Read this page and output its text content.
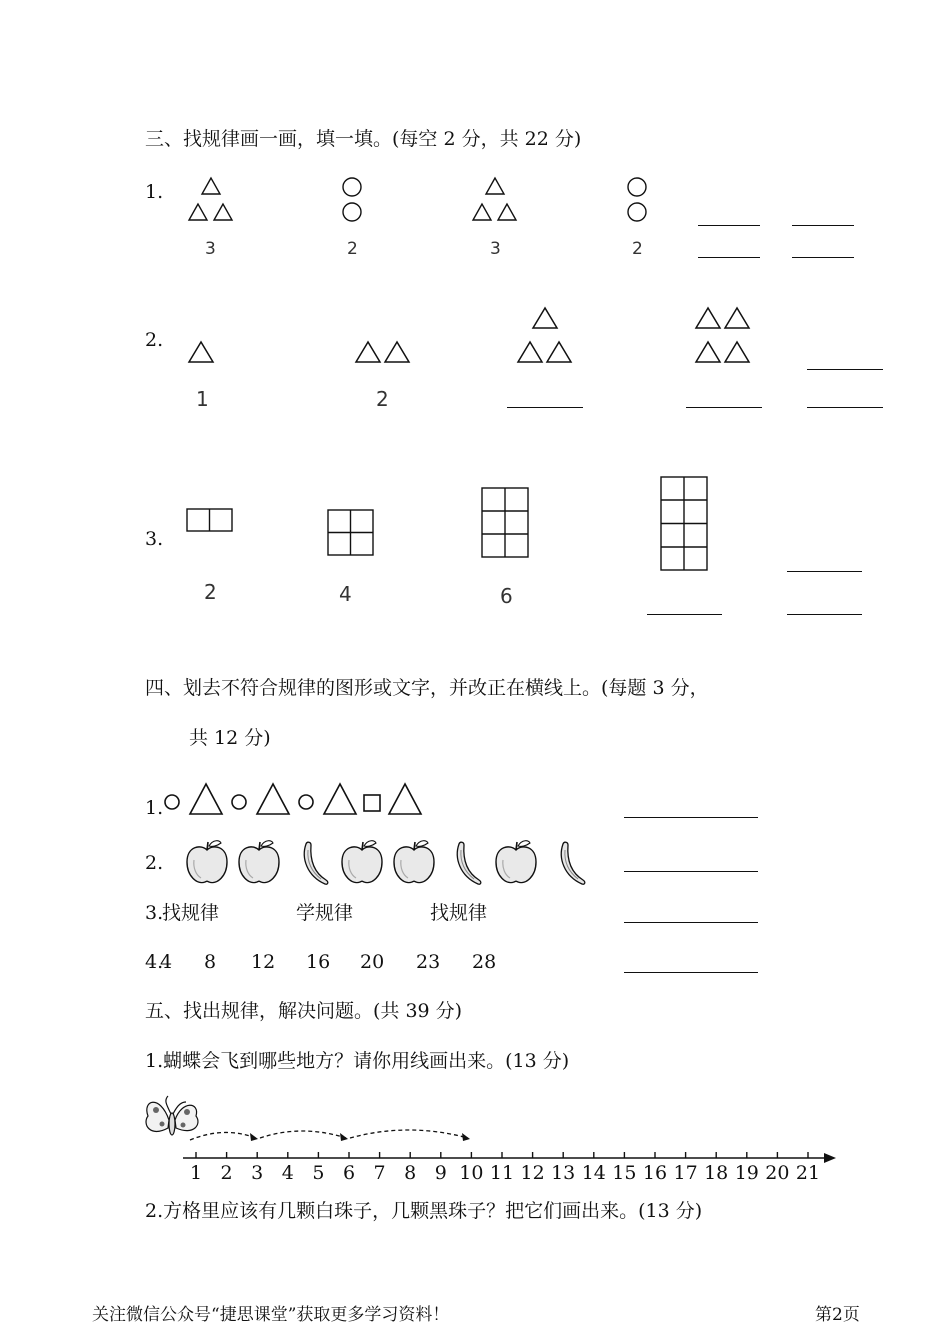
三、找规律画一画，填一填。(每空 2 分，共 22 分)
1.
3	2	3	2
2.
1	2
3.
2	4	6
四、划去不符合规律的图形或文字，并改正在横线上。(每题 3 分，
共 12 分)
1.
2.
3.
找规律	学规律	找规律
4.
4 8 12 16 20 23 28
五、找出规律，解决问题。(共 39 分)
1.蝴蝶会飞到哪些地方？请你用线画出来。(13 分)
1 2 3 4 5 6 7 8 9 10 11 12 13 14 15 16 17 18 19 20 21
2.方格里应该有几颗白珠子，几颗黑珠子？把它们画出来。(13 分)
关注微信公众号“捷思课堂”获取更多学习资料！	第2页
